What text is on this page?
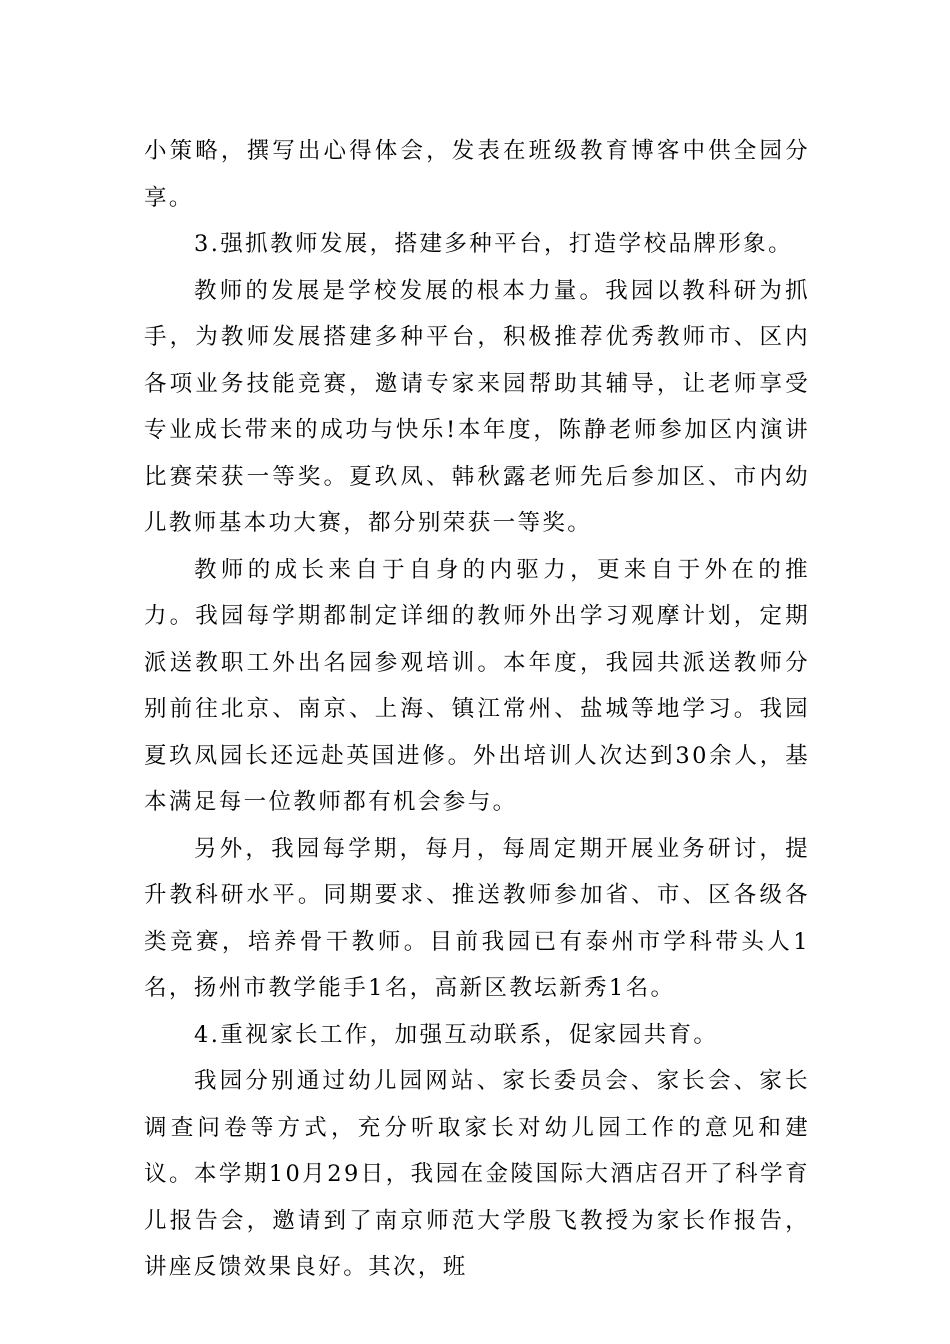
小策略，撰写出心得体会，发表在班级教育博客中供全园分享。

3.强抓教师发展，搭建多种平台，打造学校品牌形象。

教师的发展是学校发展的根本力量。我园以教科研为抓手，为教师发展搭建多种平台，积极推荐优秀教师市、区内各项业务技能竞赛，邀请专家来园帮助其辅导，让老师享受专业成长带来的成功与快乐!本年度，陈静老师参加区内演讲比赛荣获一等奖。夏玖凤、韩秋露老师先后参加区、市内幼儿教师基本功大赛，都分别荣获一等奖。

教师的成长来自于自身的内驱力，更来自于外在的推力。我园每学期都制定详细的教师外出学习观摩计划，定期派送教职工外出名园参观培训。本年度，我园共派送教师分别前往北京、南京、上海、镇江常州、盐城等地学习。我园夏玖凤园长还远赴英国进修。外出培训人次达到30余人，基本满足每一位教师都有机会参与。

另外，我园每学期，每月，每周定期开展业务研讨，提升教科研水平。同期要求、推送教师参加省、市、区各级各类竞赛，培养骨干教师。目前我园已有泰州市学科带头人1名，扬州市教学能手1名，高新区教坛新秀1名。

4.重视家长工作，加强互动联系，促家园共育。

我园分别通过幼儿园网站、家长委员会、家长会、家长调查问卷等方式，充分听取家长对幼儿园工作的意见和建议。本学期10月29日，我园在金陵国际大酒店召开了科学育儿报告会，邀请到了南京师范大学殷飞教授为家长作报告，讲座反馈效果良好。其次，班
